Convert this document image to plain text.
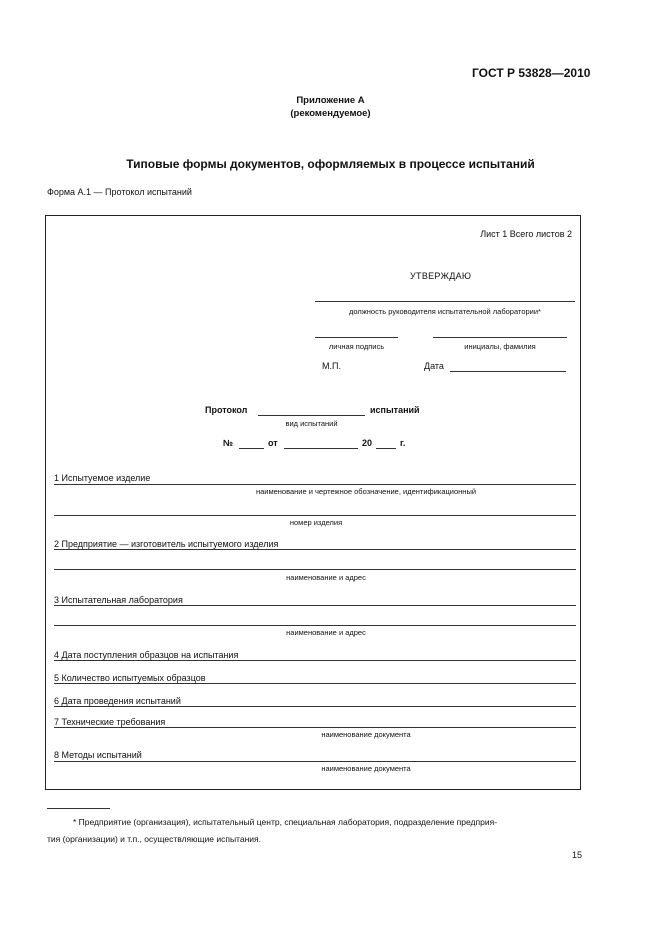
ГОСТ Р 53828—2010
Приложение А
(рекомендуемое)
Типовые формы документов, оформляемых в процессе испытаний
Форма А.1 — Протокол испытаний
Лист 1 Всего листов 2
УТВЕРЖДАЮ
должность руководителя испытательной лаборатории*
личная подпись	инициалы, фамилия
М.П.	Дата
Протокол	испытаний
вид испытаний
№	от	20	г.
1 Испытуемое изделие
наименование и чертежное обозначение, идентификационный
номер изделия
2 Предприятие — изготовитель испытуемого изделия
наименование и адрес
3 Испытательная лаборатория
наименование и адрес
4 Дата поступления образцов на испытания
5 Количество испытуемых образцов
6 Дата проведения испытаний
7 Технические требования
наименование документа
8 Методы испытаний
наименование документа
* Предприятие (организация), испытательный центр, специальная лаборатория, подразделение предприя-
тия (организации) и т.п., осуществляющие испытания.
15
